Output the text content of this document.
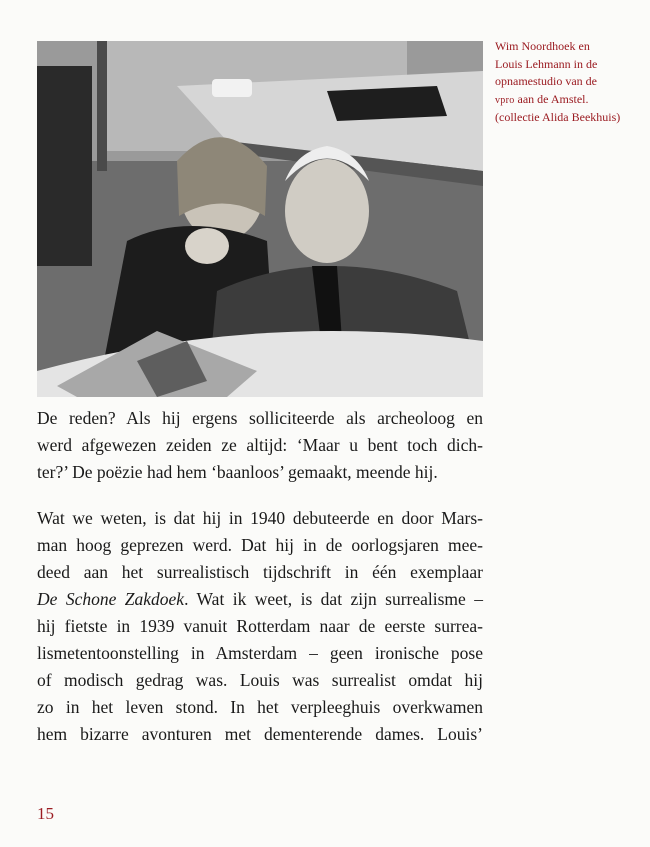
Wim Noordhoek en
Louis Lehmann in de
opnamestudio van de
vpro aan de Amstel.
(collectie Alida Beekhuis)

De reden? Als hij ergens solliciteerde als archeoloog en
werd afgewezen zeiden ze altijd: ‘Maar u bent toch dich-
ter?’ De poëzie had hem ‘baanloos’ gemaakt, meende hij.

Wat we weten, is dat hij in 1940 debuteerde en door Mars-
man hoog geprezen werd. Dat hij in de oorlogsjaren mee-
deed aan het surrealistisch tijdschrift in één exemplaar
De Schone Zakdoek. Wat ik weet, is dat zijn surrealisme –
hij fietste in 1939 vanuit Rotterdam naar de eerste surrea-
lismetentoonstelling in Amsterdam – geen ironische pose
of modisch gedrag was. Louis was surrealist omdat hij
zo in het leven stond. In het verpleeghuis overkwamen
hem bizarre avonturen met dementerende dames. Louis’

15
